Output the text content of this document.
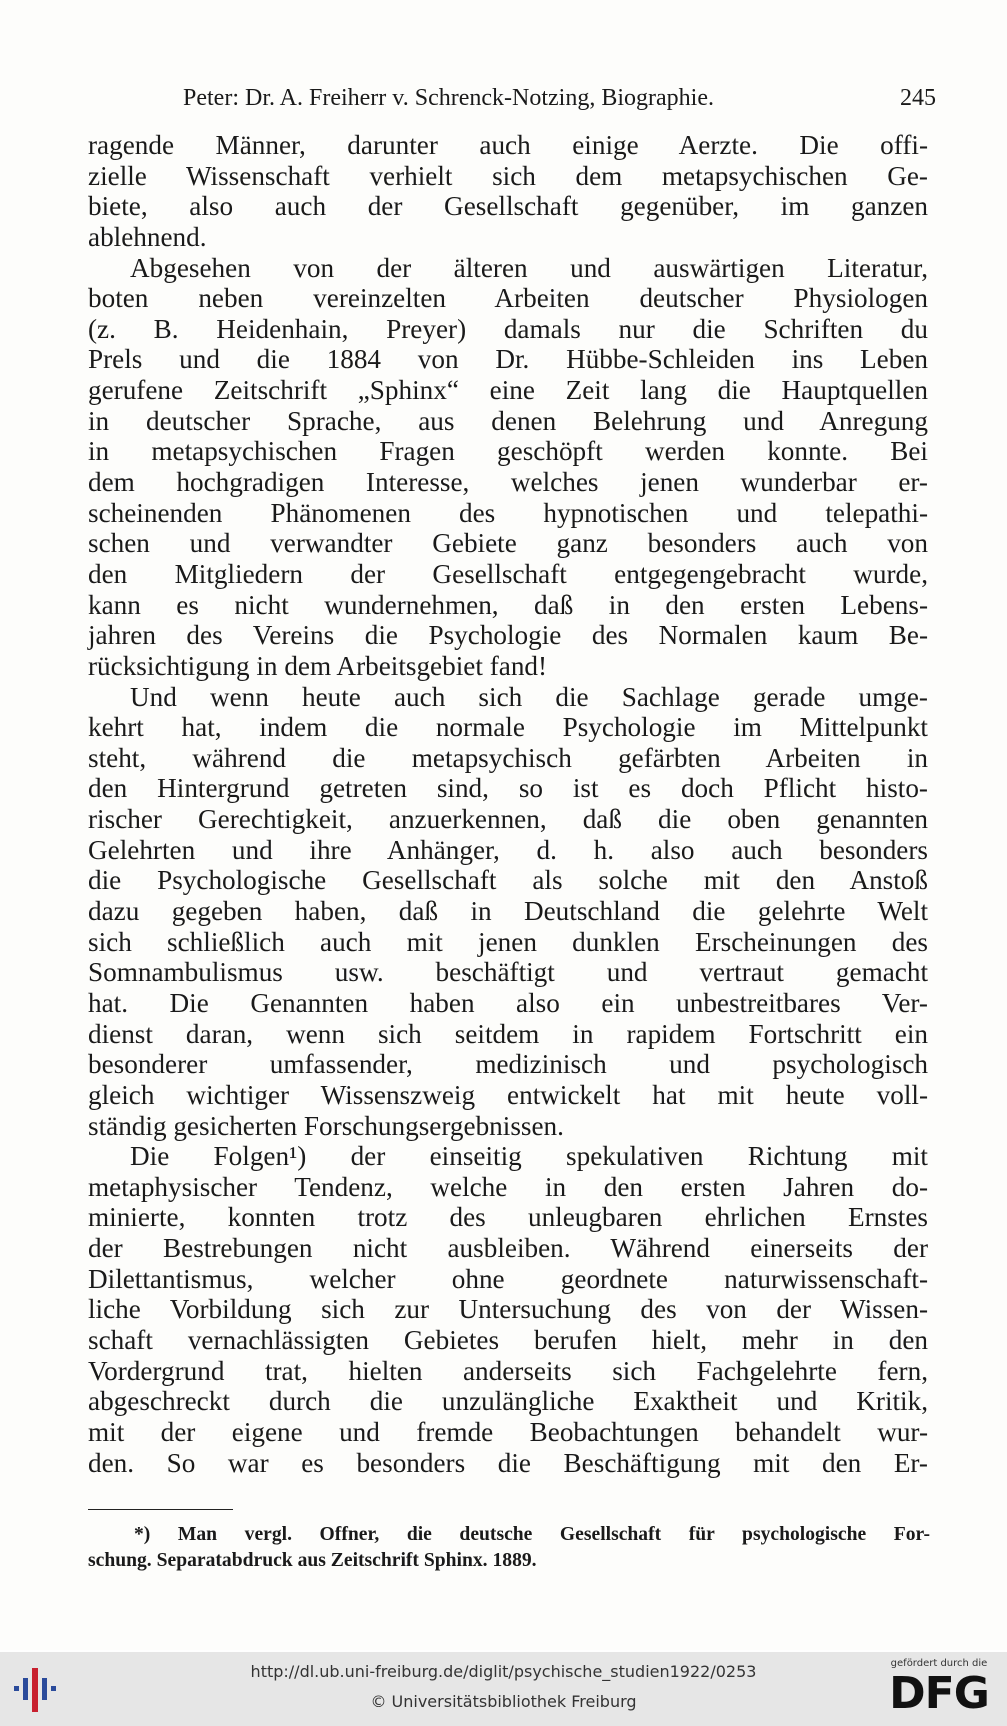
Peter: Dr. A. Freiherr v. Schrenck-Notzing, Biographie.	245
ragende Männer, darunter auch einige Aerzte. Die offi-
zielle Wissenschaft verhielt sich dem metapsychischen Ge-
biete, also auch der Gesellschaft gegenüber, im ganzen
ablehnend.
Abgesehen von der älteren und auswärtigen Literatur,
boten neben vereinzelten Arbeiten deutscher Physiologen
(z. B. Heidenhain, Preyer) damals nur die Schriften du
Prels und die 1884 von Dr. Hübbe-Schleiden ins Leben
gerufene Zeitschrift „Sphinx“ eine Zeit lang die Hauptquellen
in deutscher Sprache, aus denen Belehrung und Anregung
in metapsychischen Fragen geschöpft werden konnte. Bei
dem hochgradigen Interesse, welches jenen wunderbar er-
scheinenden Phänomenen des hypnotischen und telepathi-
schen und verwandter Gebiete ganz besonders auch von
den Mitgliedern der Gesellschaft entgegengebracht wurde,
kann es nicht wundernehmen, daß in den ersten Lebens-
jahren des Vereins die Psychologie des Normalen kaum Be-
rücksichtigung in dem Arbeitsgebiet fand!
Und wenn heute auch sich die Sachlage gerade umge-
kehrt hat, indem die normale Psychologie im Mittelpunkt
steht, während die metapsychisch gefärbten Arbeiten in
den Hintergrund getreten sind, so ist es doch Pflicht histo-
rischer Gerechtigkeit, anzuerkennen, daß die oben genannten
Gelehrten und ihre Anhänger, d. h. also auch besonders
die Psychologische Gesellschaft als solche mit den Anstoß
dazu gegeben haben, daß in Deutschland die gelehrte Welt
sich schließlich auch mit jenen dunklen Erscheinungen des
Somnambulismus usw. beschäftigt und vertraut gemacht
hat. Die Genannten haben also ein unbestreitbares Ver-
dienst daran, wenn sich seitdem in rapidem Fortschritt ein
besonderer umfassender, medizinisch und psychologisch
gleich wichtiger Wissenszweig entwickelt hat mit heute voll-
ständig gesicherten Forschungsergebnissen.
Die Folgen¹) der einseitig spekulativen Richtung mit
metaphysischer Tendenz, welche in den ersten Jahren do-
minierte, konnten trotz des unleugbaren ehrlichen Ernstes
der Bestrebungen nicht ausbleiben. Während einerseits der
Dilettantismus, welcher ohne geordnete naturwissenschaft-
liche Vorbildung sich zur Untersuchung des von der Wissen-
schaft vernachlässigten Gebietes berufen hielt, mehr in den
Vordergrund trat, hielten anderseits sich Fachgelehrte fern,
abgeschreckt durch die unzulängliche Exaktheit und Kritik,
mit der eigene und fremde Beobachtungen behandelt wur-
den. So war es besonders die Beschäftigung mit den Er-
*) Man vergl. Offner, die deutsche Gesellschaft für psychologische For-
schung. Separatabdruck aus Zeitschrift Sphinx. 1889.
http://dl.ub.uni-freiburg.de/diglit/psychische_studien1922/0253
© Universitätsbibliothek Freiburg
gefördert durch die
DFG
